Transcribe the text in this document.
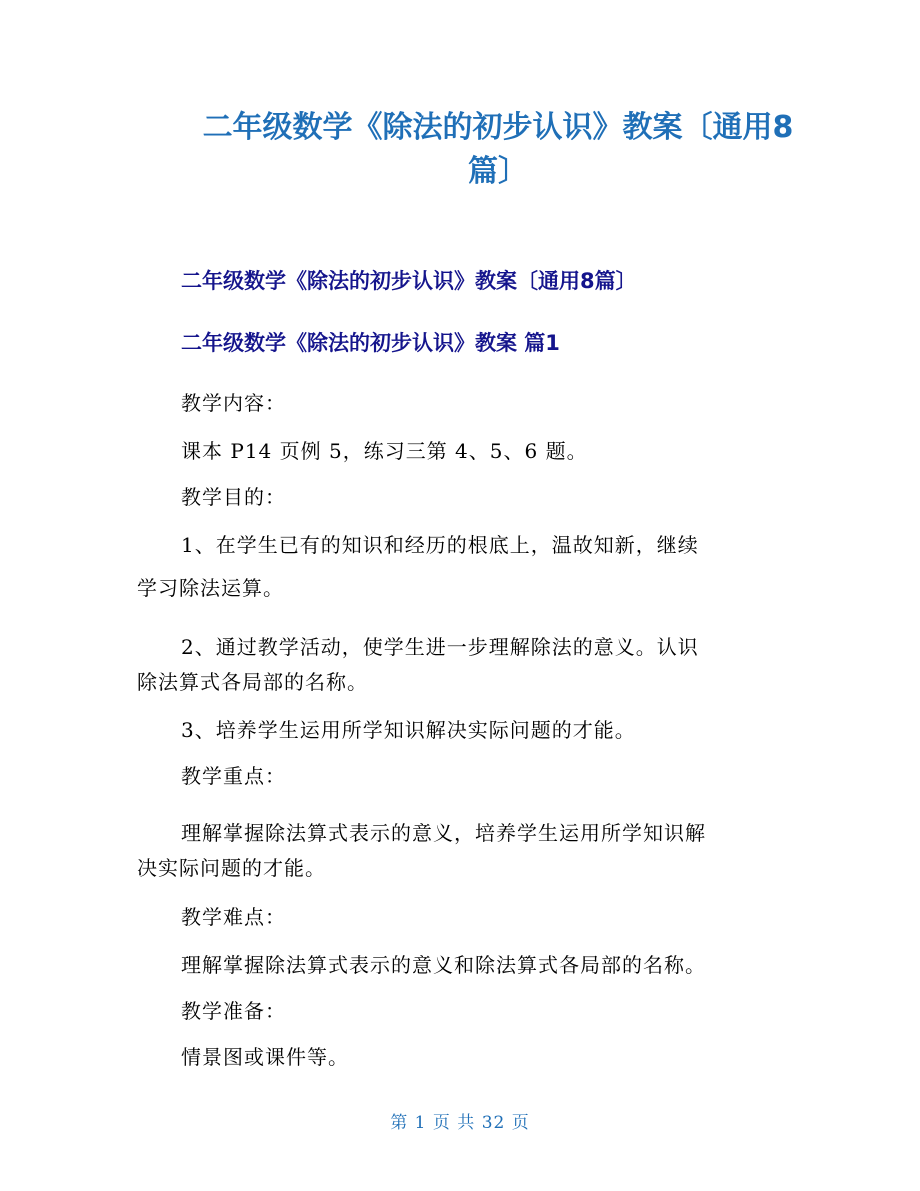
二年级数学《除法的初步认识》教案〔通用8
篇〕
二年级数学《除法的初步认识》教案〔通用8篇〕
二年级数学《除法的初步认识》教案 篇1
教学内容：
课本 P14 页例 5，练习三第 4、5、6 题。
教学目的：
1、在学生已有的知识和经历的根底上，温故知新，继续
学习除法运算。
2、通过教学活动，使学生进一步理解除法的意义。认识
除法算式各局部的名称。
3、培养学生运用所学知识解决实际问题的才能。
教学重点：
理解掌握除法算式表示的意义，培养学生运用所学知识解
决实际问题的才能。
教学难点：
理解掌握除法算式表示的意义和除法算式各局部的名称。
教学准备：
情景图或课件等。
第 1 页 共 32 页
